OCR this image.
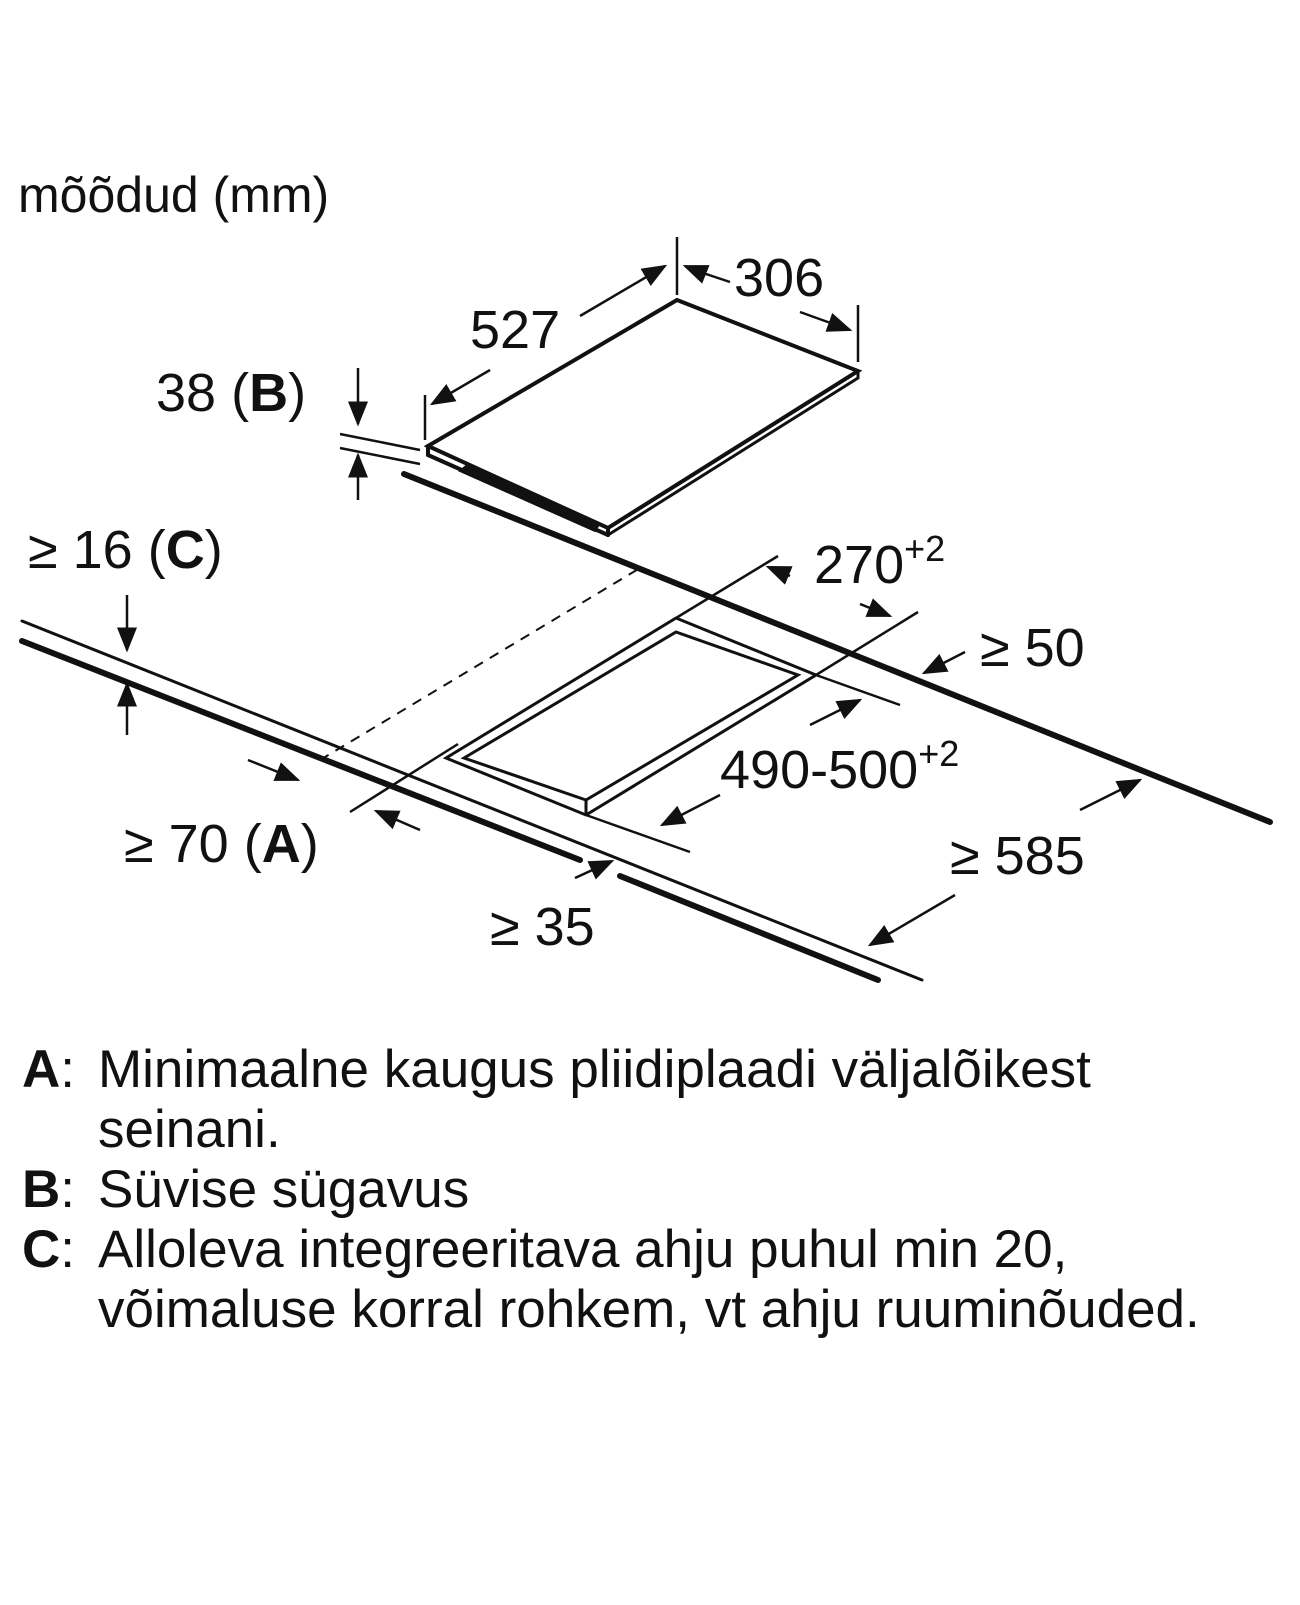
mõõdud (mm)
306
527
38 (B)
$270^{+2}$
≥ 50
$490-500^{+2}$
≥ 585
≥ 16 (C)
≥ 70 (A)
≥ 35
A: Minimaalne kaugus pliidiplaadi väljalõikest seinani.
B: Süvise sügavus
C: Alloleva integreeritava ahju puhul min 20, võimaluse korral rohkem, vt ahju ruuminõuded.
